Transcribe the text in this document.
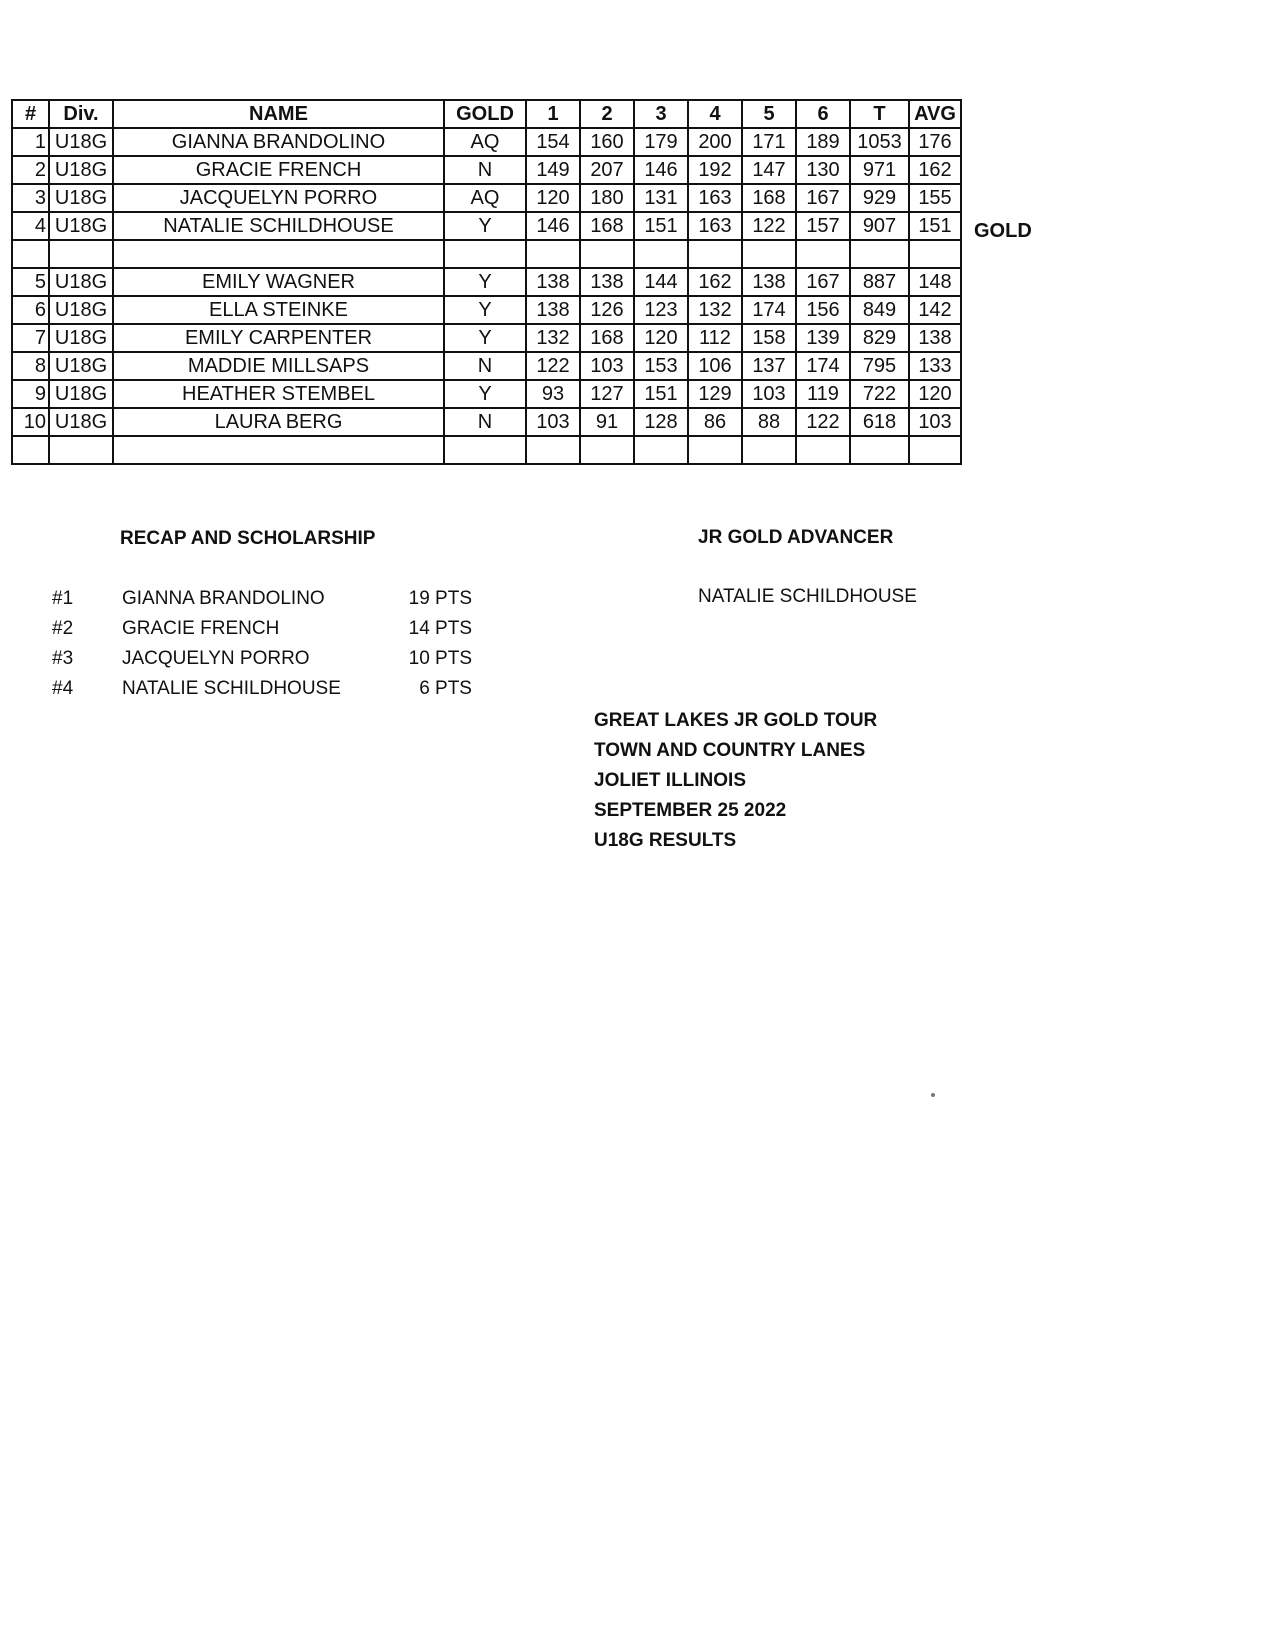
#	Div.	NAME	GOLD	1	2	3	4	5	6	T	AVG
1	U18G	GIANNA BRANDOLINO	AQ	154	160	179	200	171	189	1053	176
2	U18G	GRACIE FRENCH	N	149	207	146	192	147	130	971	162
3	U18G	JACQUELYN PORRO	AQ	120	180	131	163	168	167	929	155
4	U18G	NATALIE SCHILDHOUSE	Y	146	168	151	163	122	157	907	151

5	U18G	EMILY WAGNER	Y	138	138	144	162	138	167	887	148
6	U18G	ELLA STEINKE	Y	138	126	123	132	174	156	849	142
7	U18G	EMILY CARPENTER	Y	132	168	120	112	158	139	829	138
8	U18G	MADDIE MILLSAPS	N	122	103	153	106	137	174	795	133
9	U18G	HEATHER STEMBEL	Y	93	127	151	129	103	119	722	120
10	U18G	LAURA BERG	N	103	91	128	86	88	122	618	103

GOLD
RECAP AND SCHOLARSHIP	JR GOLD ADVANCER
#1	GIANNA BRANDOLINO	19 PTS
#2	GRACIE FRENCH	14 PTS
#3	JACQUELYN PORRO	10 PTS
#4	NATALIE SCHILDHOUSE	6 PTS
NATALIE SCHILDHOUSE
GREAT LAKES JR GOLD TOUR
TOWN AND COUNTRY LANES
JOLIET ILLINOIS
SEPTEMBER 25 2022
U18G RESULTS
